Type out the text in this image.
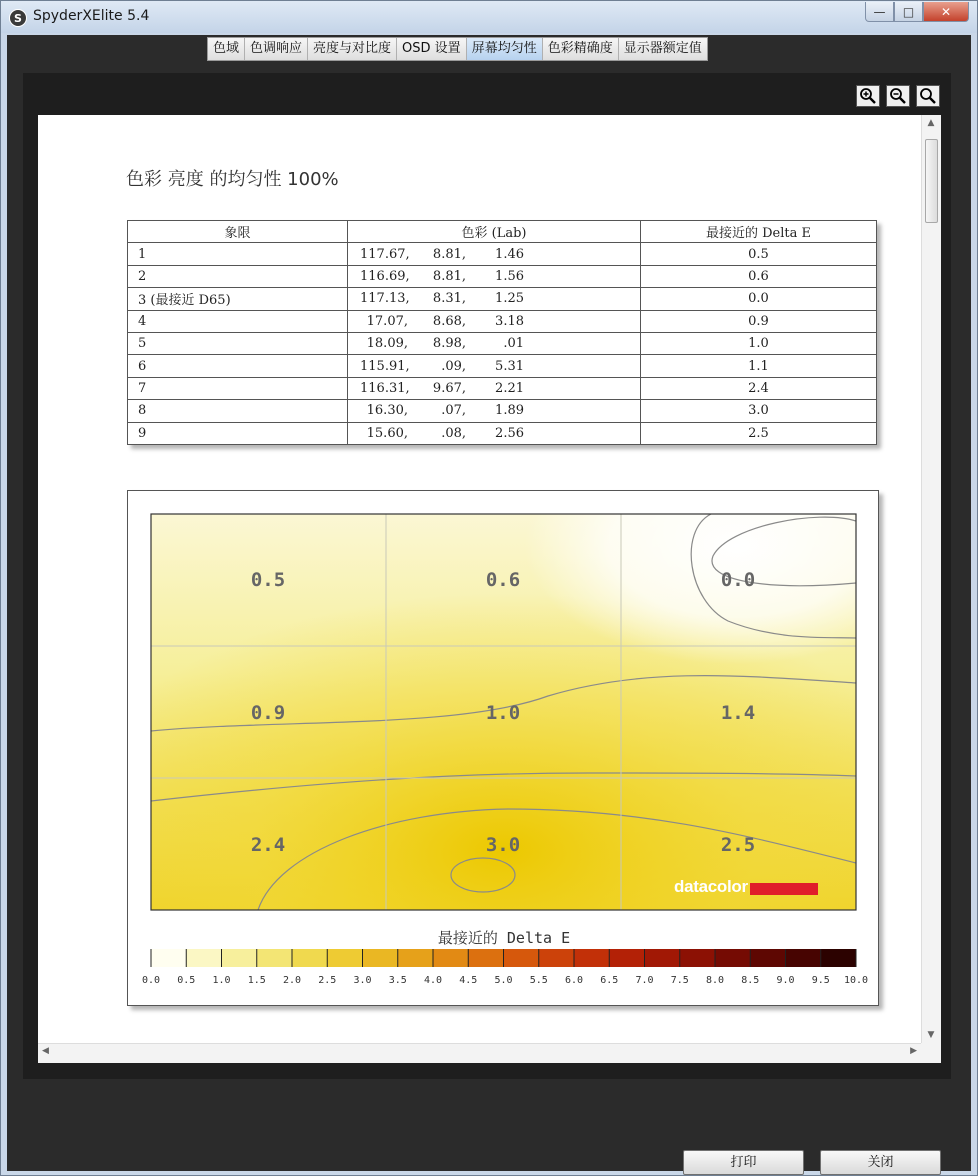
S SpyderXElite 5.4	—	□	✕
色域 色调响应 亮度与对比度 OSD 设置 屏幕均匀性 色彩精确度 显示器额定值
色彩 亮度 的均匀性 100%
象限	色彩 (Lab)	最接近的 Delta E
1	117.67, 8.81, 1.46	0.5
2	116.69, 8.81, 1.56	0.6
3 (最接近 D65)	117.13, 8.31, 1.25	0.0
4	17.07, 8.68, 3.18	0.9
5	18.09, 8.98, .01	1.0
6	115.91, .09, 5.31	1.1
7	116.31, 9.67, 2.21	2.4
8	16.30, .07, 1.89	3.0
9	15.60, .08, 2.56	2.5
0.5	0.6	0.0
0.9	1.0	1.4
2.4	3.0	2.5
0.0 0.5 1.0 1.5 2.0 2.5 3.0 3.5 4.0 4.5 5.0 5.5 6.0 6.5 7.0 7.5 8.0 8.5 9.0 9.5 10.0
最接近的 Delta E
datacolor
▲
▼
◀	▶
打印	关闭
